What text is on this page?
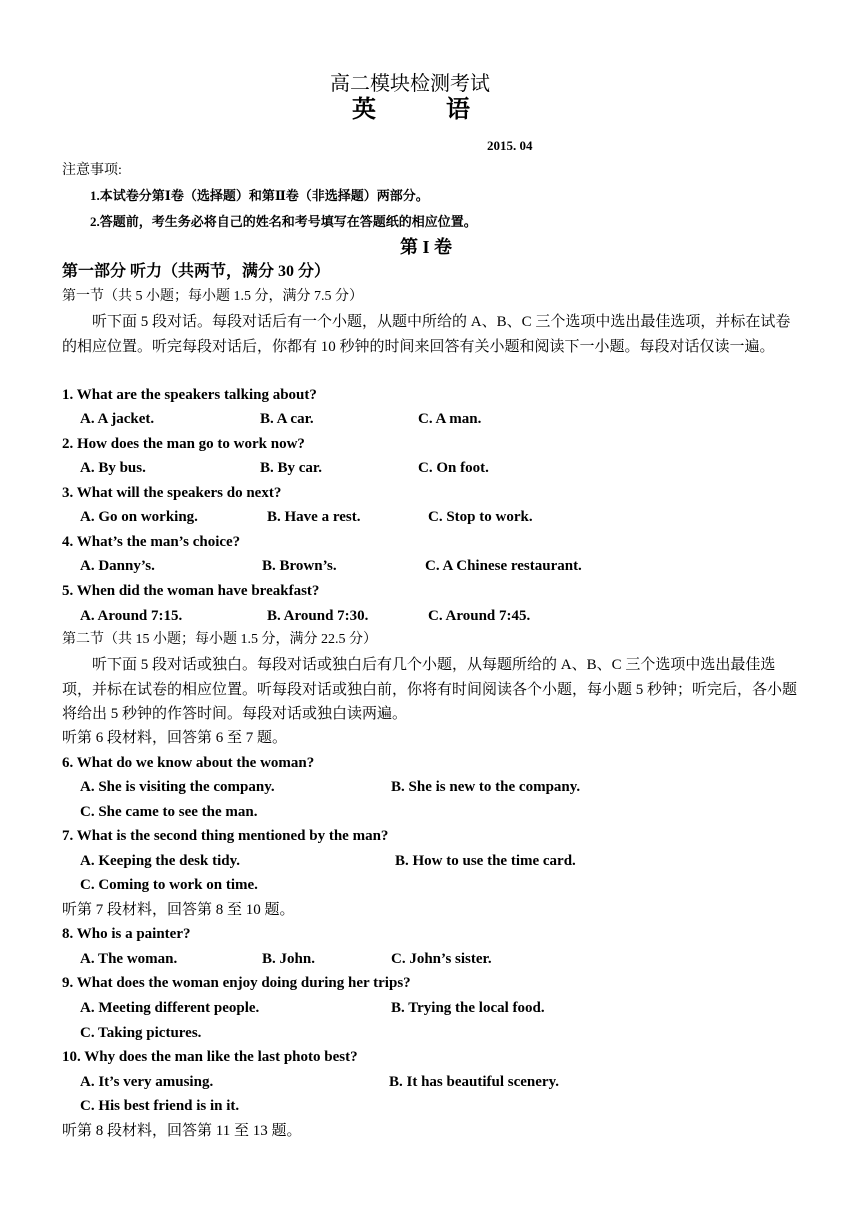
高二模块检测考试
英	语
2015. 04
注意事项:
1.本试卷分第Ⅰ卷（选择题）和第Ⅱ卷（非选择题）两部分。
2.答题前，考生务必将自己的姓名和考号填写在答题纸的相应位置。
第 I 卷
第一部分 听力（共两节，满分 30 分）
第一节（共 5 小题；每小题 1.5 分，满分 7.5 分）
听下面 5 段对话。每段对话后有一个小题，从题中所给的 A、B、C 三个选项中选出最佳选项，并标在试卷的相应位置。听完每段对话后，你都有 10 秒钟的时间来回答有关小题和阅读下一小题。每段对话仅读一遍。
1. What are the speakers talking about?
A. A jacket.	B. A car.	C. A man.
2. How does the man go to work now?
A. By bus.	B. By car.	C. On foot.
3. What will the speakers do next?
A. Go on working.	B. Have a rest.	C. Stop to work.
4. What’s the man’s choice?
A. Danny’s.	B. Brown’s.	C. A Chinese restaurant.
5. When did the woman have breakfast?
A. Around 7:15.	B. Around 7:30.	C. Around 7:45.
第二节（共 15 小题；每小题 1.5 分，满分 22.5 分）
听下面 5 段对话或独白。每段对话或独白后有几个小题，从每题所给的 A、B、C 三个选项中选出最佳选项，并标在试卷的相应位置。听每段对话或独白前，你将有时间阅读各个小题，每小题 5 秒钟；听完后，各小题将给出 5 秒钟的作答时间。每段对话或独白读两遍。
听第 6 段材料，回答第 6 至 7 题。
6. What do we know about the woman?
A. She is visiting the company.	B. She is new to the company.
C. She came to see the man.
7. What is the second thing mentioned by the man?
A. Keeping the desk tidy.	B. How to use the time card.
C. Coming to work on time.
听第 7 段材料，回答第 8 至 10 题。
8. Who is a painter?
A. The woman.	B. John.	C. John’s sister.
9. What does the woman enjoy doing during her trips?
A. Meeting different people.	B. Trying the local food.
C. Taking pictures.
10. Why does the man like the last photo best?
A. It’s very amusing.	B. It has beautiful scenery.
C. His best friend is in it.
听第 8 段材料，回答第 11 至 13 题。
